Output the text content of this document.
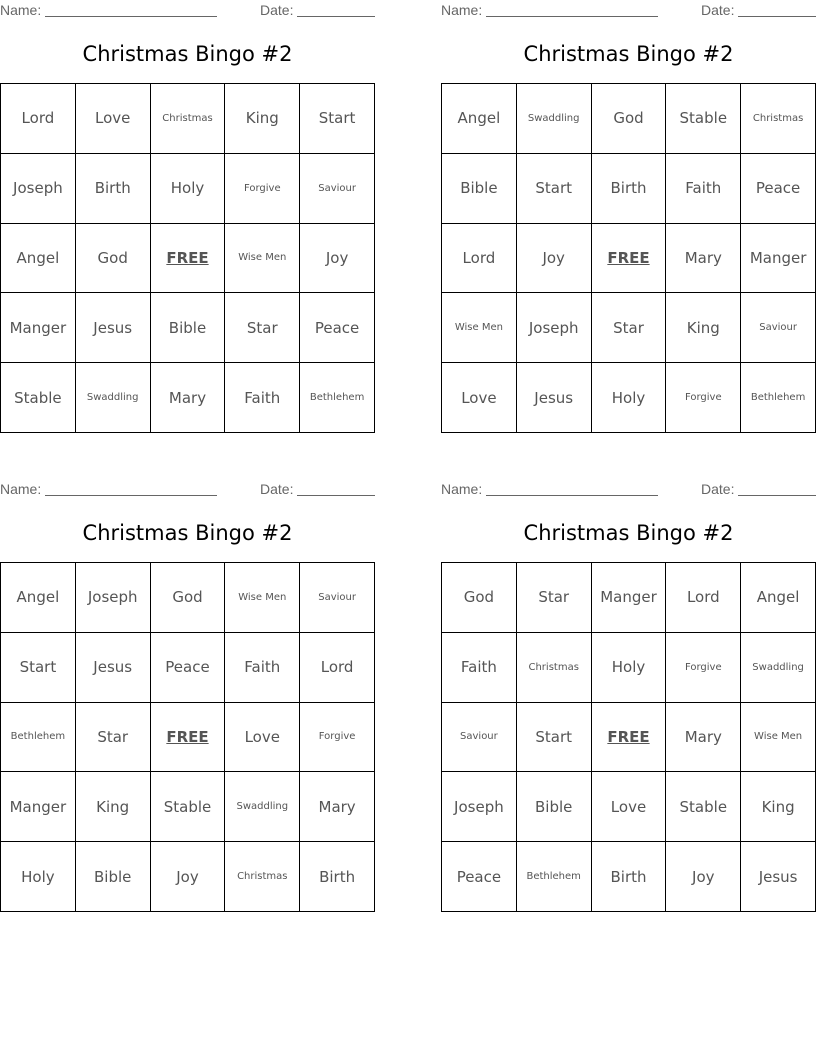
Name:	Date:
Christmas Bingo #2
Lord	Love	Christmas	King	Start
Joseph	Birth	Holy	Forgive	Saviour
Angel	God	FREE	Wise Men	Joy
Manger	Jesus	Bible	Star	Peace
Stable	Swaddling	Mary	Faith	Bethlehem
Name:	Date:
Christmas Bingo #2
Angel	Swaddling	God	Stable	Christmas
Bible	Start	Birth	Faith	Peace
Lord	Joy	FREE	Mary	Manger
Wise Men	Joseph	Star	King	Saviour
Love	Jesus	Holy	Forgive	Bethlehem
Name:	Date:
Christmas Bingo #2
Angel	Joseph	God	Wise Men	Saviour
Start	Jesus	Peace	Faith	Lord
Bethlehem	Star	FREE	Love	Forgive
Manger	King	Stable	Swaddling	Mary
Holy	Bible	Joy	Christmas	Birth
Name:	Date:
Christmas Bingo #2
God	Star	Manger	Lord	Angel
Faith	Christmas	Holy	Forgive	Swaddling
Saviour	Start	FREE	Mary	Wise Men
Joseph	Bible	Love	Stable	King
Peace	Bethlehem	Birth	Joy	Jesus
